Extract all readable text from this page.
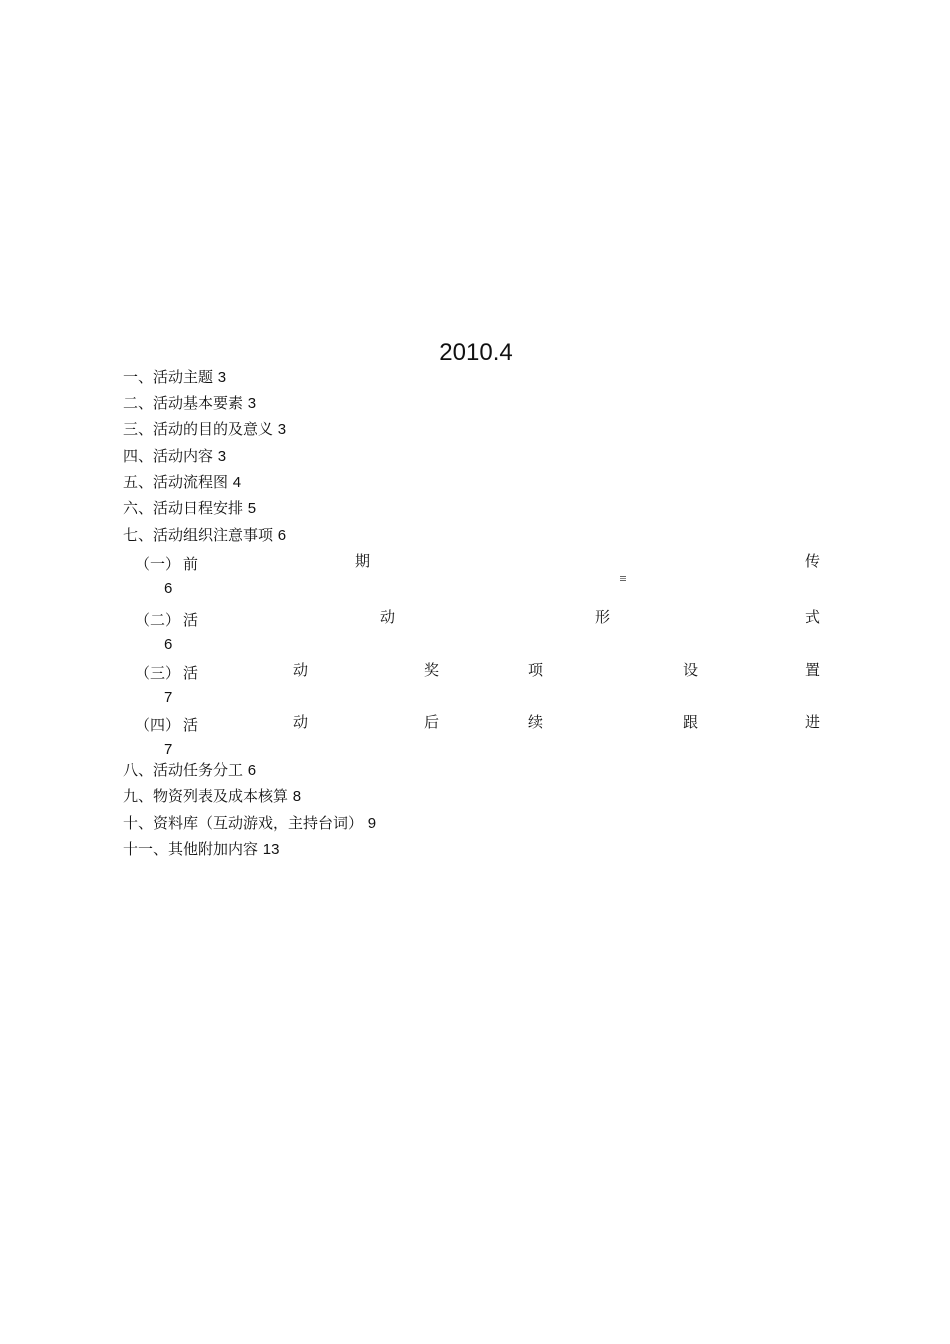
2010.4
一、活动主题 3
二、活动基本要素 3
三、活动的目的及意义 3
四、活动内容 3
五、活动流程图 4
六、活动日程安排 5
七、活动组织注意事项 6
（一） 前	期	传
6
（二） 活	动	形	式
6
（三） 活	动	奖	项	设	置
7
（四） 活	动	后	续	跟	进
7
八、活动任务分工 6
九、物资列表及成本核算 8
十、资料库（互动游戏，主持台词） 9
十一、其他附加内容 13
